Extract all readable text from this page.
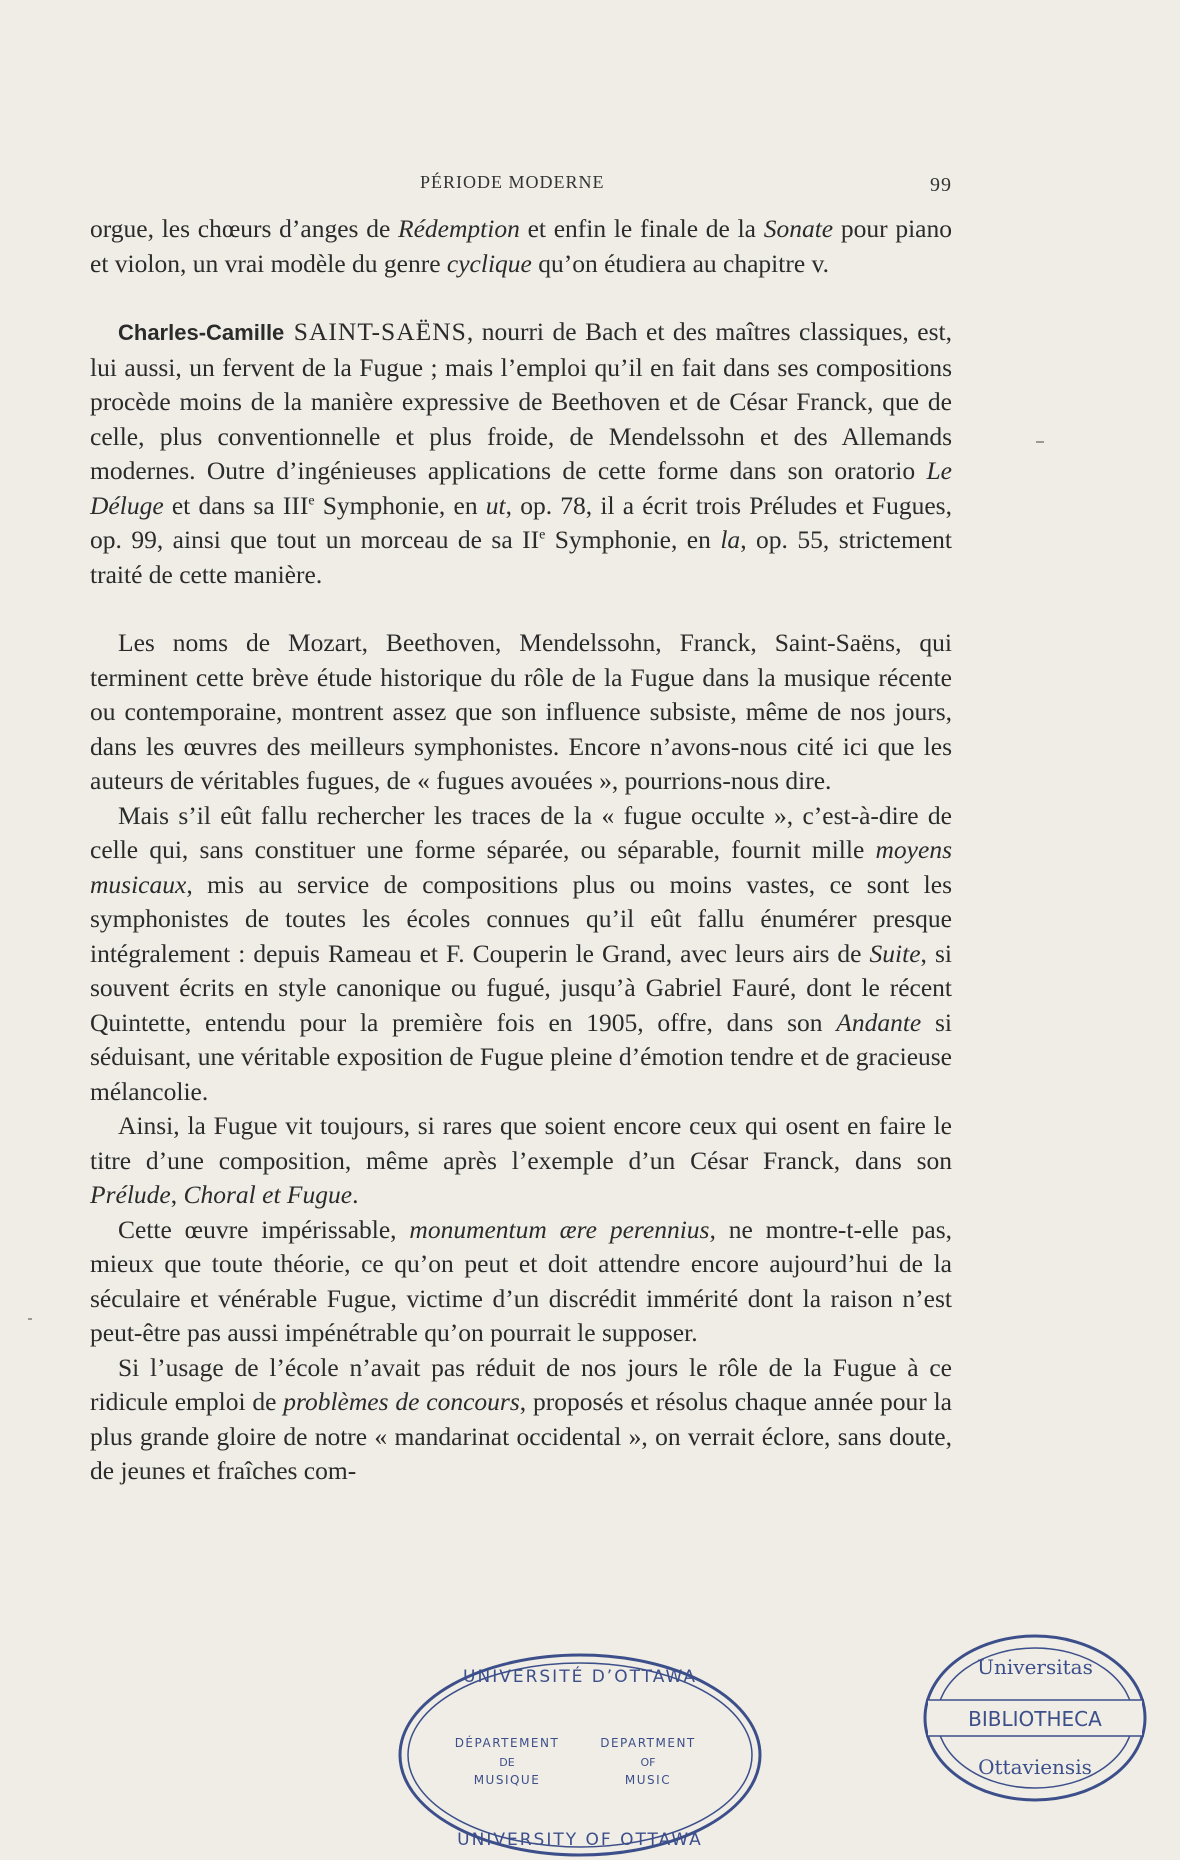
PÉRIODE MODERNE	99

orgue, les chœurs d’anges de Rédemption et enfin le finale de la Sonate pour piano et violon, un vrai modèle du genre cyclique qu’on étudiera au chapitre v.

Charles-Camille SAINT-SAËNS, nourri de Bach et des maîtres classiques, est, lui aussi, un fervent de la Fugue ; mais l’emploi qu’il en fait dans ses compositions procède moins de la manière expressive de Beethoven et de César Franck, que de celle, plus conventionnelle et plus froide, de Mendelssohn et des Allemands modernes. Outre d’ingénieuses applications de cette forme dans son oratorio Le Déluge et dans sa IIIe Symphonie, en ut, op. 78, il a écrit trois Préludes et Fugues, op. 99, ainsi que tout un morceau de sa IIe Symphonie, en la, op. 55, strictement traité de cette manière.

Les noms de Mozart, Beethoven, Mendelssohn, Franck, Saint-Saëns, qui terminent cette brève étude historique du rôle de la Fugue dans la musique récente ou contemporaine, montrent assez que son influence subsiste, même de nos jours, dans les œuvres des meilleurs symphonistes. Encore n’avons-nous cité ici que les auteurs de véritables fugues, de « fugues avouées », pourrions-nous dire.

Mais s’il eût fallu rechercher les traces de la « fugue occulte », c’est-à-dire de celle qui, sans constituer une forme séparée, ou séparable, fournit mille moyens musicaux, mis au service de compositions plus ou moins vastes, ce sont les symphonistes de toutes les écoles connues qu’il eût fallu énumérer presque intégralement : depuis Rameau et F. Couperin le Grand, avec leurs airs de Suite, si souvent écrits en style canonique ou fugué, jusqu’à Gabriel Fauré, dont le récent Quintette, entendu pour la première fois en 1905, offre, dans son Andante si séduisant, une véritable exposition de Fugue pleine d’émotion tendre et de gracieuse mélancolie.

Ainsi, la Fugue vit toujours, si rares que soient encore ceux qui osent en faire le titre d’une composition, même après l’exemple d’un César Franck, dans son Prélude, Choral et Fugue.

Cette œuvre impérissable, monumentum ære perennius, ne montre-t-elle pas, mieux que toute théorie, ce qu’on peut et doit attendre encore aujourd’hui de la séculaire et vénérable Fugue, victime d’un discrédit immérité dont la raison n’est peut-être pas aussi impénétrable qu’on pourrait le supposer.

Si l’usage de l’école n’avait pas réduit de nos jours le rôle de la Fugue à ce ridicule emploi de problèmes de concours, proposés et résolus chaque année pour la plus grande gloire de notre « mandarinat occidental », on verrait éclore, sans doute, de jeunes et fraîches com-

UNIVERSITÉ D’OTTAWA
DÉPARTEMENT
DE
MUSIQUE
DEPARTMENT
OF
MUSIC
UNIVERSITY OF OTTAWA
Universitas
BIBLIOTHECA
Ottaviensis
